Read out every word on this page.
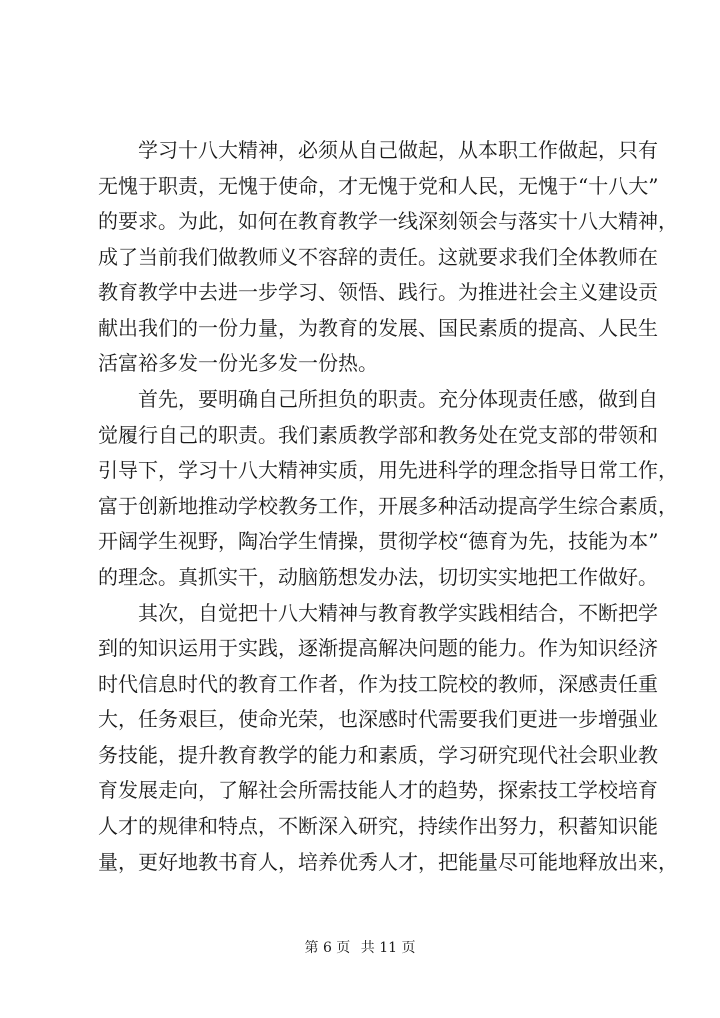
学习十八大精神，必须从自己做起，从本职工作做起，只有
无愧于职责，无愧于使命，才无愧于党和人民，无愧于“十八大”
的要求。为此，如何在教育教学一线深刻领会与落实十八大精神，
成了当前我们做教师义不容辞的责任。这就要求我们全体教师在
教育教学中去进一步学习、领悟、践行。为推进社会主义建设贡
献出我们的一份力量，为教育的发展、国民素质的提高、人民生
活富裕多发一份光多发一份热。
首先，要明确自己所担负的职责。充分体现责任感，做到自
觉履行自己的职责。我们素质教学部和教务处在党支部的带领和
引导下，学习十八大精神实质，用先进科学的理念指导日常工作，
富于创新地推动学校教务工作，开展多种活动提高学生综合素质，
开阔学生视野，陶冶学生情操，贯彻学校“德育为先，技能为本”
的理念。真抓实干，动脑筋想发办法，切切实实地把工作做好。
其次，自觉把十八大精神与教育教学实践相结合，不断把学
到的知识运用于实践，逐渐提高解决问题的能力。作为知识经济
时代信息时代的教育工作者，作为技工院校的教师，深感责任重
大，任务艰巨，使命光荣，也深感时代需要我们更进一步增强业
务技能，提升教育教学的能力和素质，学习研究现代社会职业教
育发展走向，了解社会所需技能人才的趋势，探索技工学校培育
人才的规律和特点，不断深入研究，持续作出努力，积蓄知识能
量，更好地教书育人，培养优秀人才，把能量尽可能地释放出来，
第 6 页 共 11 页
